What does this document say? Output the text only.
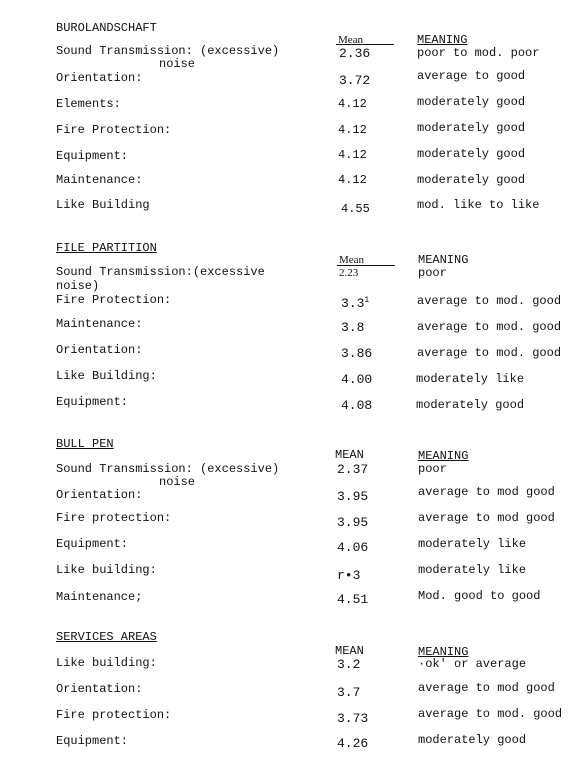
BUROLANDSCHAFT
Mean	MEANING
Sound Transmission: (excessive)
noise
2.36	poor to mod. poor
Orientation:	3.72	average to good
Elements:	4.12	moderately good
Fire Protection:	4.12	moderately good
Equipment:	4.12	moderately good
Maintenance:	4.12	moderately good
Like Building	4.55	mod. like to like
FILE PARTITION
Mean	MEANING
Sound Transmission:(excessive
noise)
2.23	poor
Fire Protection:	$3.3^1$	average to mod. good
Maintenance:	3.8	average to mod. good
Orientation:	3.86	average to mod. good
Like Building:	4.00	moderately like
Equipment:	4.08	moderately good
BULL PEN
MEAN	MEANING
Sound Transmission: (excessive)
noise
2.37	poor
Orientation:	3.95	average to mod good
Fire protection:	3.95	average to mod good
Equipment:	4.06	moderately like
Like building:	r•3	moderately like
Maintenance;	4.51	Mod. good to good
SERVICES AREAS
MEAN	MEANING
Like building:	3.2	·ok' or average
Orientation:	3.7	average to mod good
Fire protection:	3.73	average to mod. good
Equipment:	4.26	moderately good
